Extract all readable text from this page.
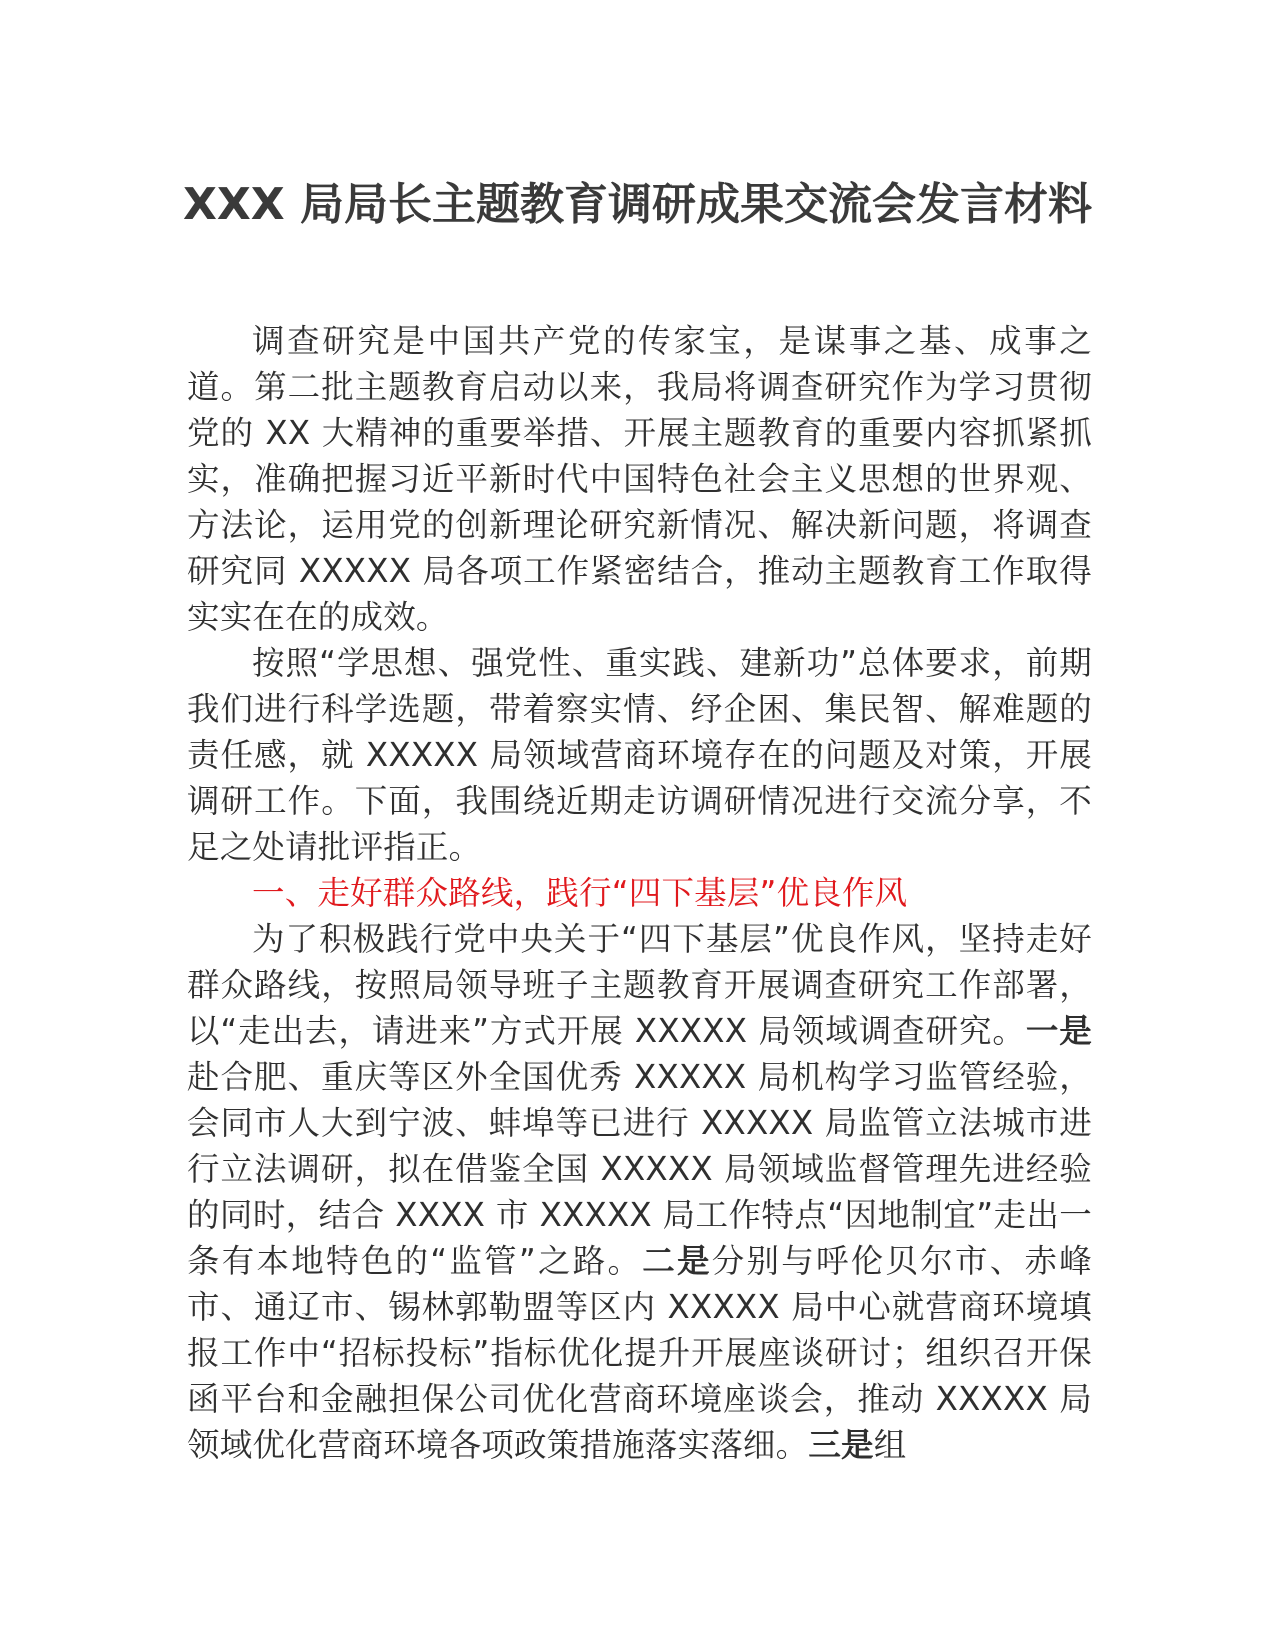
XXX 局局长主题教育调研成果交流会发言材料

调查研究是中国共产党的传家宝，是谋事之基、成事之道。第二批主题教育启动以来，我局将调查研究作为学习贯彻党的 XX 大精神的重要举措、开展主题教育的重要内容抓紧抓实，准确把握习近平新时代中国特色社会主义思想的世界观、方法论，运用党的创新理论研究新情况、解决新问题，将调查研究同 XXXXX 局各项工作紧密结合，推动主题教育工作取得实实在在的成效。

按照“学思想、强党性、重实践、建新功”总体要求，前期我们进行科学选题，带着察实情、纾企困、集民智、解难题的责任感，就 XXXXX 局领域营商环境存在的问题及对策，开展调研工作。下面，我围绕近期走访调研情况进行交流分享，不足之处请批评指正。

一、走好群众路线，践行“四下基层”优良作风

为了积极践行党中央关于“四下基层”优良作风，坚持走好群众路线，按照局领导班子主题教育开展调查研究工作部署，以“走出去，请进来”方式开展 XXXXX 局领域调查研究。一是赴合肥、重庆等区外全国优秀 XXXXX 局机构学习监管经验，会同市人大到宁波、蚌埠等已进行 XXXXX 局监管立法城市进行立法调研，拟在借鉴全国 XXXXX 局领域监督管理先进经验的同时，结合 XXXX 市 XXXXX 局工作特点“因地制宜”走出一条有本地特色的“监管”之路。二是分别与呼伦贝尔市、赤峰市、通辽市、锡林郭勒盟等区内 XXXXX 局中心就营商环境填报工作中“招标投标”指标优化提升开展座谈研讨；组织召开保函平台和金融担保公司优化营商环境座谈会，推动 XXXXX 局领域优化营商环境各项政策措施落实落细。三是组
